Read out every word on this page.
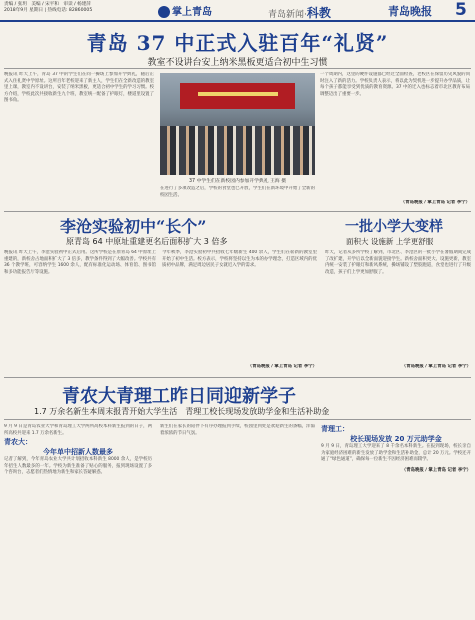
责编 / 张玥　美编 / 宋平和　审读 / 杨建萍
2018年9月 星期日 | 热线电话: 82860005	掌上青岛	青岛新闻·科教	青岛晚报 5
青岛 37 中正式入驻百年“礼贤”
教室不设讲台安上纳米黑板更适合初中生习惯
晚报讯 昨天上午，青岛 37 中的学生们在同一操场上参加开学典礼，随后正式入住礼贤中学原址。这所百年老校迎来了新主人，学生们在全新改造的教室里上课，教室内不设讲台，安装了纳米黑板，更适合初中学生的学习习惯。校方介绍，学校此次共接收新生九个班，教室统一配备了护眼灯，楼道里设置了图书角。
37 中学生们在新校园内参加开学典礼 王海 摄
在进行了多项改造之后，学校的食堂也已开放，学生们在新环境中开始了全新的校园生活。
一个周期内，这里的硬件设施都已经过全面检查，老校区在保留历史风貌的同时注入了新的活力。学校负责人表示，将以此为契机进一步提升办学品质，让每个孩子都能享受到优质的教育资源。37 中的迁入也标志着市北区教育布局调整迈出了重要一步。
（青岛晚报 / 掌上青岛 记者 李宁）
李沧实验初中“长个”
原青岛 64 中原址重建更名后面积扩大 3 倍多
晚报讯 昨天上午，李沧实验初中正式启用。这所学校是在原青岛 64 中原址上重建的，新校舍占地面积扩大了 3 倍多，教学条件得到了大幅改善。学校共有 36 个教学班，可容纳学生 1600 余人，配有标准化运动场、体育馆、图书馆和多功能报告厅等设施。
今年秋季，李沧实验初中共招收七年级新生 400 余人，学生们在崭新的教室里开始了初中生活。校方表示，学校将坚持以生为本的办学理念，打造区域内的优质初中品牌，满足周边居民子女就近入学的需求。
（青岛晚报 / 掌上青岛 记者 李宁）
一批小学大变样
面积大 设施新 上学更舒服
昨天，记者从多所学校了解到，市北区、李沧区的一批小学在暑假期间完成了改扩建，开学后以全新面貌迎接学生。新校舍面积更大、设施更新，教室内统一安装了护眼灯和新风系统，操场铺设了塑胶跑道，食堂也进行了升级改造，孩子们上学更加舒服了。
（青岛晚报 / 掌上青岛 记者 李宁）
青农大青理工昨日同迎新学子
1.7 万余名新生本周末报青开始大学生活　青理工校长现场发放助学金和生活补助金
9 月 9 日是青岛农业大学和青岛理工大学两所高校本科新生报到的日子，两所高校共迎来 1.7 万余名新生。
青农大：
今年单中招新人数最多
记者了解到，今年青岛农业大学共计划招收本科新生 8000 余人，是学校历年招生人数最多的一年。学校为新生准备了贴心的服务，报到现场设置了多个咨询台，志愿者们热情地为新生和家长答疑解惑。
新生们在家长的陪伴下有序办理报到手续，校园里到处是欢迎新生的条幅，洋溢着浓浓的节日气氛。
青理工：
校长现场发放 20 万元助学金
9 月 9 日，青岛理工大学迎来了 8 千余名本科新生。在报到现场，校长亲自为家庭经济困难的新生发放了助学金和生活补助金，总计 20 万元。学校还开通了“绿色通道”，确保每一位新生不因经济困难而辍学。
（青岛晚报 / 掌上青岛 记者 李宁）
